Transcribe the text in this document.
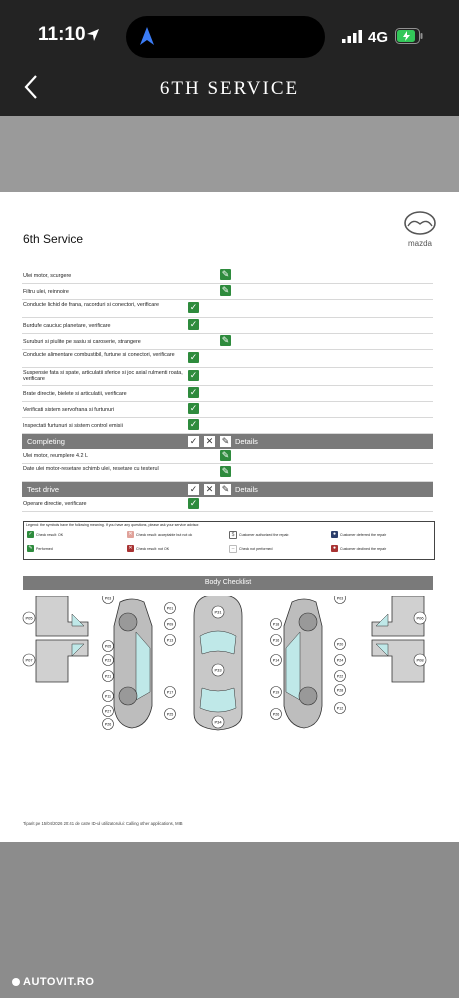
11:10	4G
6TH SERVICE
6th Service	mazda
Ulei motor, scurgere	✎
Filtru ulei, reinnoire	✎
Conducte lichid de frana, racorduri si conectori, verificare	✓
Burdufe cauciuc planetare, verificare	✓
Suruburi si piulite pe sasiu si caroserie, strangere	✎
Conducte alimentare combustibil, furtune si conectori, verificare	✓
Suspensie fata si spate, articulatii sferice si joc axial rulmenti roata, verificare	✓
Brate directie, bielete si articulatii, verificare	✓
Verificati sistem servofrana si furtunuri	✓
Inspectati furtunuri si sistem control emisii	✓
Completing	✓ ✕ ✎ Details
Ulei motor, reumplere 4.2 L	✎
Date ulei motor-resetare schimb ulei, resetare cu testerul	✎
Test drive	✓ ✕ ✎ Details
Operare directie, verificare	✓
Legend: the symbols have the following meaning. If you have any questions, please ask your service advisor.
✓ Check result: OK	✕ Check result: acceptable but not ok	$	Customer authorized the repair.	●	Customer deferred the repair
✎ Performed	✕ Check result: not OK	–	Check not performed	●	Customer declined the repair
Body Checklist
P05
P07
P31
P33
P34
P06
P08
P03
P01
P09
P13
P05
P23
P21
P11
P27
P17
P25
P26
P03
P18
P16
P14
P20
P24
P22
P28
P19
P12
P26
Tiparit pe 15/04/2026 20:41 de catre ID-ul utilizatorului: Calling other applications, MIB
AUTOVIT.RO
